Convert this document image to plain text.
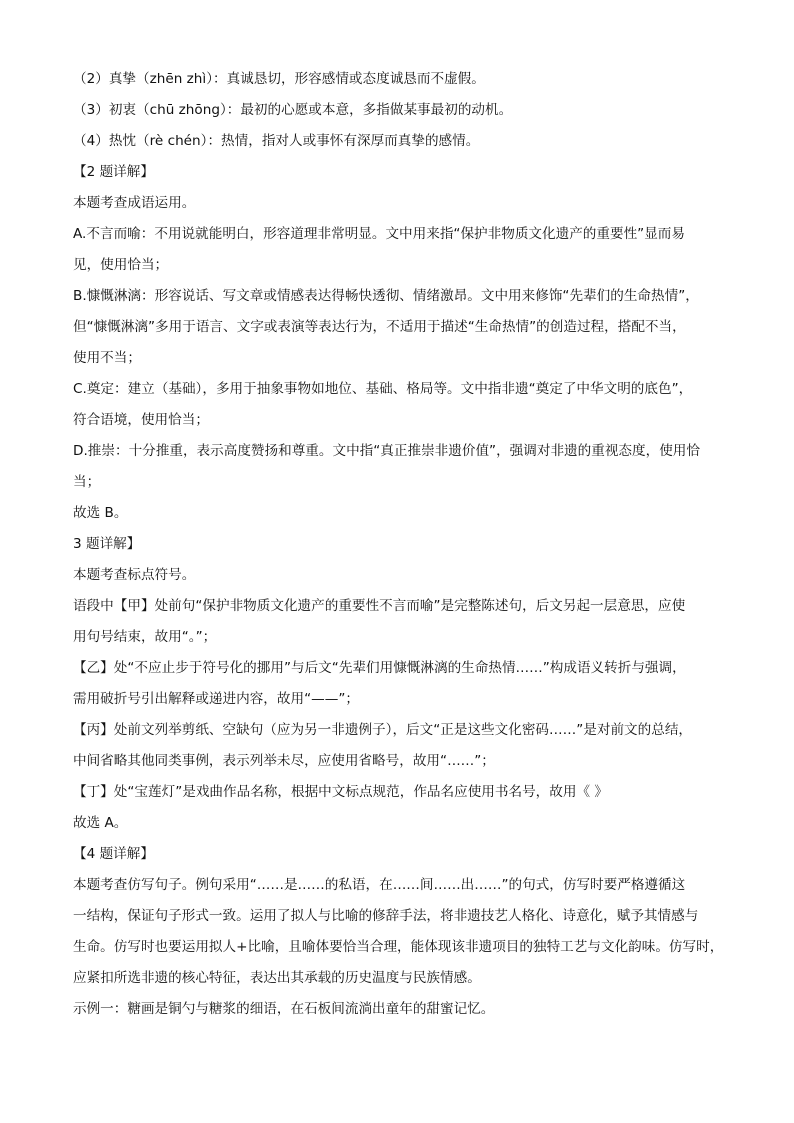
（2）真挚（zhēn zhì）：真诚恳切，形容感情或态度诚恳而不虚假。
（3）初衷（chū zhōng）：最初的心愿或本意，多指做某事最初的动机。
（4）热忱（rè chén）：热情，指对人或事怀有深厚而真挚的感情。
【2 题详解】
本题考查成语运用。
A.不言而喻：不用说就能明白，形容道理非常明显。文中用来指“保护非物质文化遗产的重要性”显而易
见，使用恰当；
B.慷慨淋漓：形容说话、写文章或情感表达得畅快透彻、情绪激昂。文中用来修饰“先辈们的生命热情”，
但“慷慨淋漓”多用于语言、文字或表演等表达行为，不适用于描述“生命热情”的创造过程，搭配不当，
使用不当；
C.奠定：建立（基础），多用于抽象事物如地位、基础、格局等。文中指非遗“奠定了中华文明的底色”，
符合语境，使用恰当；
D.推崇：十分推重，表示高度赞扬和尊重。文中指“真正推崇非遗价值”，强调对非遗的重视态度，使用恰
当；
故选 B。
3 题详解】
本题考查标点符号。
语段中【甲】处前句“保护非物质文化遗产的重要性不言而喻”是完整陈述句，后文另起一层意思，应使
用句号结束，故用“。”；
【乙】处“不应止步于符号化的挪用”与后文“先辈们用慷慨淋漓的生命热情……”构成语义转折与强调，
需用破折号引出解释或递进内容，故用“——”；
【丙】处前文列举剪纸、空缺句（应为另一非遗例子），后文“正是这些文化密码……”是对前文的总结，
中间省略其他同类事例，表示列举未尽，应使用省略号，故用“……”；
【丁】处“宝莲灯”是戏曲作品名称，根据中文标点规范，作品名应使用书名号，故用《 》
故选 A。
【4 题详解】
本题考查仿写句子。例句采用“……是……的私语，在……间……出……”的句式，仿写时要严格遵循这
一结构，保证句子形式一致。运用了拟人与比喻的修辞手法，将非遗技艺人格化、诗意化，赋予其情感与
生命。仿写时也要运用拟人+比喻，且喻体要恰当合理，能体现该非遗项目的独特工艺与文化韵味。仿写时，
应紧扣所选非遗的核心特征，表达出其承载的历史温度与民族情感。
示例一：糖画是铜勺与糖浆的细语，在石板间流淌出童年的甜蜜记忆。
